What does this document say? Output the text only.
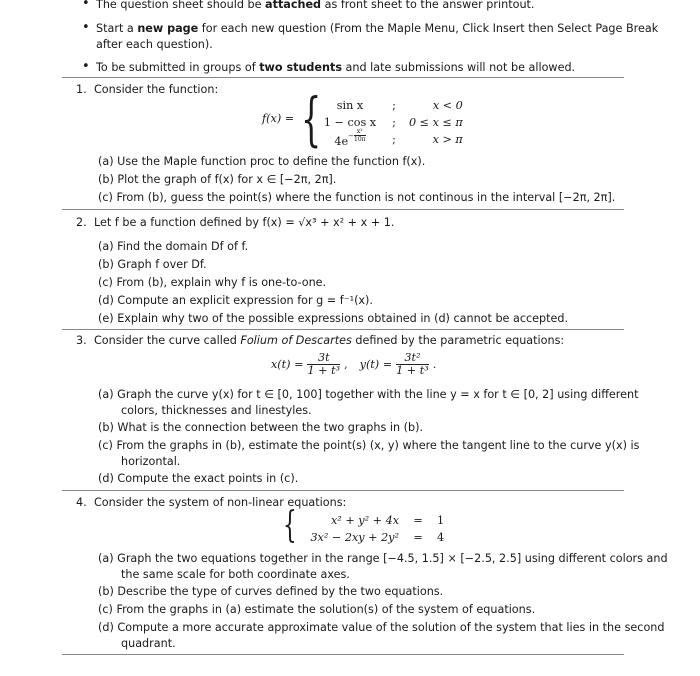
• The question sheet should be attached as front sheet to the answer printout.
• Start a new page for each new question (From the Maple Menu, Click Insert then Select Page Break
after each question).
• To be submitted in groups of two students and late submissions will not be allowed.
1. Consider the function:
f(x) = { sin x	;	x < 0
1 − cos x	;	0 ≤ x ≤ π
$4e^{- \frac{\text{x²}}{10\pi}}$	;	x > π
(a) Use the Maple function proc to define the function f(x).
(b) Plot the graph of f(x) for x ∈ [−2π, 2π].
(c) From (b), guess the point(s) where the function is not continous in the interval [−2π, 2π].
2. Let f be a function defined by f(x) = √x³ + x² + x + 1.
(a) Find the domain Df of f.
(b) Graph f over Df.
(c) From (b), explain why f is one-to-one.
(d) Compute an explicit expression for g = f⁻¹(x).
(e) Explain why two of the possible expressions obtained in (d) cannot be accepted.
3. Consider the curve called Folium of Descartes defined by the parametric equations:
$x(t) = \frac{3t}{\text{1 + t³}}$ , $y(t) = \frac{\text{3t²}}{\text{1 + t³}}$ .
(a) Graph the curve y(x) for t ∈ [0, 100] together with the line y = x for t ∈ [0, 2] using different
colors, thicknesses and linestyles.
(b) What is the connection between the two graphs in (b).
(c) From the graphs in (b), estimate the point(s) (x, y) where the tangent line to the curve y(x) is
horizontal.
(d) Compute the exact points in (c).
4. Consider the system of non-linear equations:
{	x² + y² + 4x	=	1
3x² − 2xy + 2y²	=	4
(a) Graph the two equations together in the range [−4.5, 1.5] × [−2.5, 2.5] using different colors and
the same scale for both coordinate axes.
(b) Describe the type of curves defined by the two equations.
(c) From the graphs in (a) estimate the solution(s) of the system of equations.
(d) Compute a more accurate approximate value of the solution of the system that lies in the second
quadrant.
